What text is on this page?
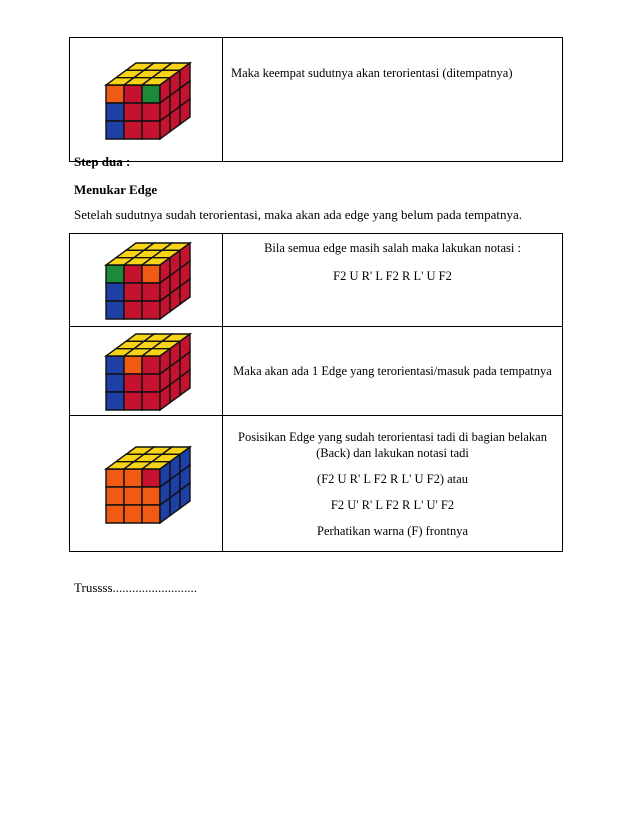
	Maka keempat sudutnya akan terorientasi (ditempatnya)

Step dua :

Menukar Edge

Setelah sudutnya sudah terorientasi, maka akan ada edge yang belum pada tempatnya.

Bila semua edge masih salah maka lakukan notasi :

F2 U R' L F2 R L' U F2

Maka akan ada 1 Edge yang terorientasi/masuk pada tempatnya

Posisikan Edge yang sudah terorientasi tadi di bagian belakan (Back) dan lakukan notasi tadi

(F2 U R' L F2 R L' U F2) atau

F2 U' R' L F2 R L' U' F2

Perhatikan warna (F) frontnya

Trussss..........................
